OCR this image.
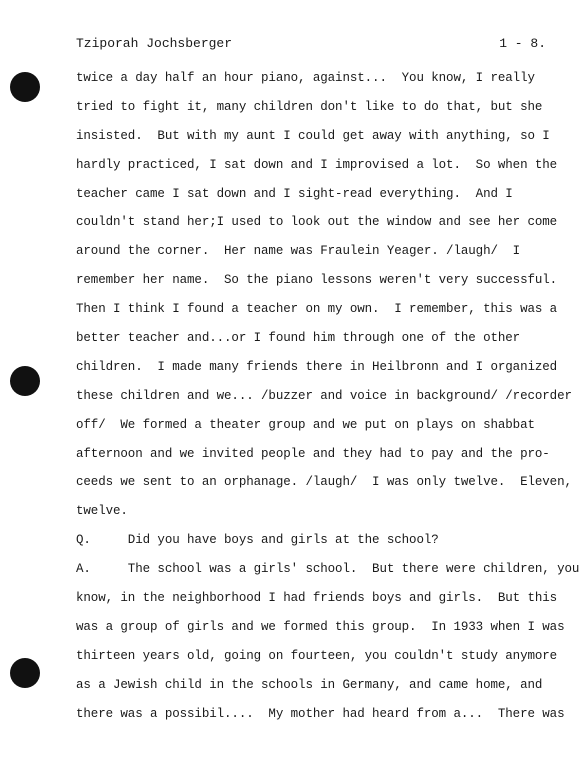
Tziporah Jochsberger	1 - 8.
twice a day half an hour piano, against...  You know, I really
tried to fight it, many children don't like to do that, but she
insisted.  But with my aunt I could get away with anything, so I
hardly practiced, I sat down and I improvised a lot.  So when the
teacher came I sat down and I sight-read everything.  And I
couldn't stand her;I used to look out the window and see her come
around the corner.  Her name was Fraulein Yeager. /laugh/  I
remember her name.  So the piano lessons weren't very successful.
Then I think I found a teacher on my own.  I remember, this was a
better teacher and...or I found him through one of the other
children.  I made many friends there in Heilbronn and I organized
these children and we... /buzzer and voice in background/ /recorder
off/  We formed a theater group and we put on plays on shabbat
afternoon and we invited people and they had to pay and the pro-
ceeds we sent to an orphanage. /laugh/  I was only twelve.  Eleven,
twelve.
Q.     Did you have boys and girls at the school?
A.     The school was a girls' school.  But there were children, you
know, in the neighborhood I had friends boys and girls.  But this
was a group of girls and we formed this group.  In 1933 when I was
thirteen years old, going on fourteen, you couldn't study anymore
as a Jewish child in the schools in Germany, and came home, and
there was a possibil....  My mother had heard from a...  There was
